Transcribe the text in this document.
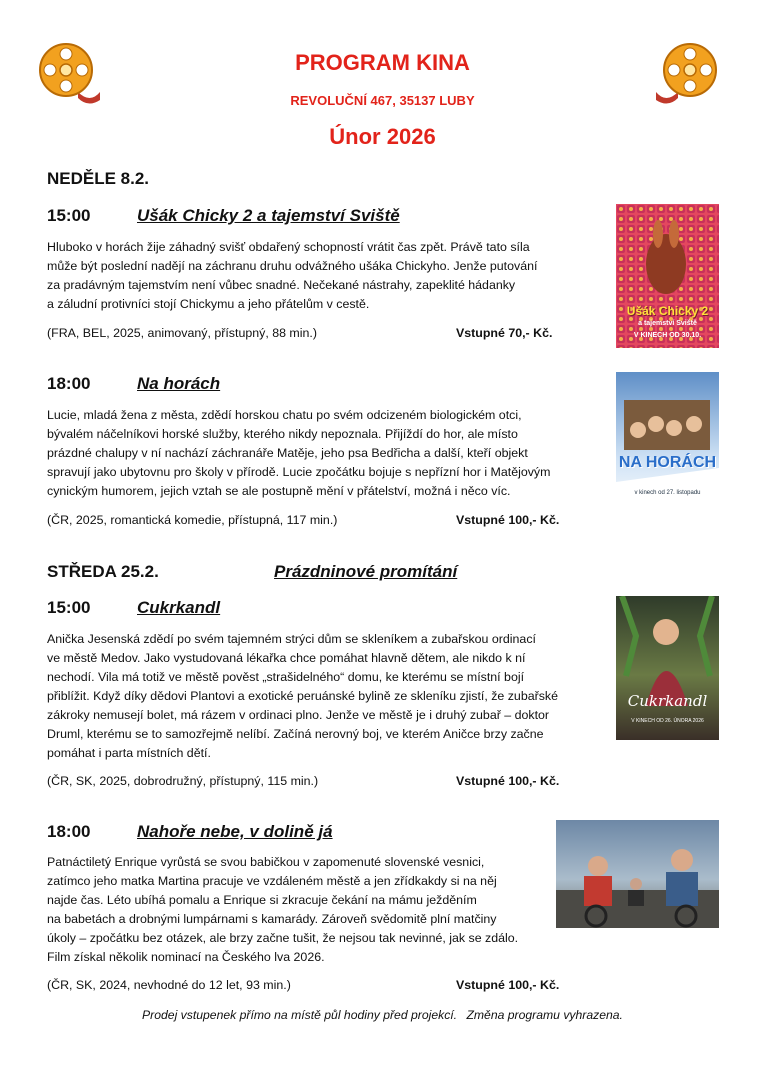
PROGRAM KINA
REVOLUČNÍ 467, 35137 LUBY
Únor 2026
NEDĚLE 8.2.
15:00	Ušák Chicky 2 a tajemství Sviště
Hluboko v horách žije záhadný svišť obdařený schopností vrátit čas zpět. Právě tato síla
může být poslední nadějí na záchranu druhu odvážného ušáka Chickyho. Jenže putování
za pradávným tajemstvím není vůbec snadné. Nečekané nástrahy, zapeklité hádanky
a záludní protivníci stojí Chickymu a jeho přátelům v cestě.
(FRA, BEL, 2025, animovaný, přístupný, 88 min.)	Vstupné 70,- Kč.
Ušák Chicky 2
a tajemství Sviště
V KINECH OD 30.10.
18:00	Na horách
Lucie, mladá žena z města, zdědí horskou chatu po svém odcizeném biologickém otci,
bývalém náčelníkovi horské služby, kterého nikdy nepoznala. Přijíždí do hor, ale místo
prázdné chalupy v ní nachází záchranáře Matěje, jeho psa Bedřicha a další, kteří objekt
spravují jako ubytovnu pro školy v přírodě. Lucie zpočátku bojuje s nepřízní hor i Matějovým
cynickým humorem, jejich vztah se ale postupně mění v přátelství, možná i něco víc.
(ČR, 2025, romantická komedie, přístupná, 117 min.)	Vstupné 100,- Kč.
NA HORÁCH
v kinech od 27. listopadu
STŘEDA 25.2.	Prázdninové promítání
15:00	Cukrkandl
Anička Jesenská zdědí po svém tajemném strýci dům se skleníkem a zubařskou ordinací
ve městě Medov. Jako vystudovaná lékařka chce pomáhat hlavně dětem, ale nikdo k ní
nechodí. Vila má totiž ve městě pověst „strašidelného“ domu, ke kterému se místní bojí
přiblížit. Když díky dědovi Plantovi a exotické peruánské bylině ze skleníku zjistí, že zubařské
zákroky nemusejí bolet, má rázem v ordinaci plno. Jenže ve městě je i druhý zubař – doktor
Druml, kterému se to samozřejmě nelíbí. Začíná nerovný boj, ve kterém Aničce brzy začne
pomáhat i parta místních dětí.
(ČR, SK, 2025, dobrodružný, přístupný, 115 min.)	Vstupné 100,- Kč.
Cukrkandl
V KINECH OD 26. ÚNORA 2026
18:00	Nahoře nebe, v dolině já
Patnáctiletý Enrique vyrůstá se svou babičkou v zapomenuté slovenské vesnici,
zatímco jeho matka Martina pracuje ve vzdáleném městě a jen zřídkakdy si na něj
najde čas. Léto ubíhá pomalu a Enrique si zkracuje čekání na mámu ježděním
na babetách a drobnými lumpárnami s kamarády. Zároveň svědomitě plní matčiny
úkoly – zpočátku bez otázek, ale brzy začne tušit, že nejsou tak nevinné, jak se zdálo.
Film získal několik nominací na Českého lva 2026.
(ČR, SK, 2024, nevhodné do 12 let, 93 min.)	Vstupné 100,- Kč.
Prodej vstupenek přímo na místě půl hodiny před projekcí. Změna programu vyhrazena.
